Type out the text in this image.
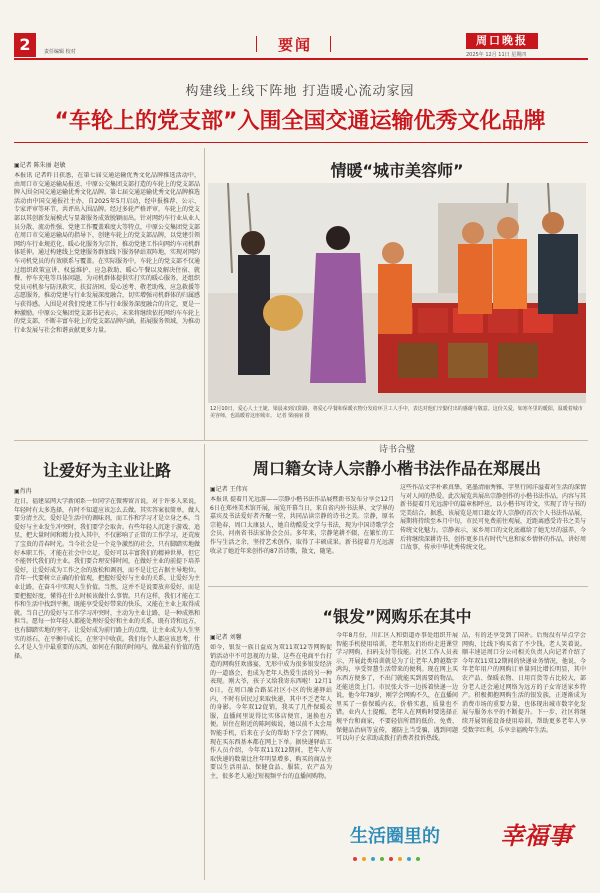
2	责任编辑 校对	要闻	周口晚报
2025年 12月 11日 星期四
构建线上线下阵地 打造暖心流动家园
“车轮上的党支部”入围全国交通运输优秀文化品牌
▣记者 陈朱丽 赵敏
本报讯 记者昨日获悉，在第七届交通运输优秀文化品牌推选活动中，由周口市交通运输局报送、中原公交集团支部打造的车轮上的党支部品牌入围全国交通运输优秀文化品牌。第七届交通运输优秀文化品牌推选活动由中国交通报社主办，自2025年5月启动，经申报推荐、公示、专家评审等环节，共评出入围品牌。经过多轮严格评审，车轮上的党支部以其创新发展模式与显著服务成效脱颖而出。针对网约车行业从业人员分散、流动性强、党建工作覆盖难度大等特点，中原公交集团党支部在周口市交通运输局的指导下，创建车轮上的党支部品牌，以党建引领网约车行业规范化、暖心化服务为宗旨，推动党建工作向网约车司机群体延伸。通过构建线上党建服务群加线下服务驿站双阵地，实现对网约车司机党员的有效联系与覆盖。在实际服务中，车轮上的党支部不仅通过组织政策宣讲、权益维护、应急救助、暖心午餐以及解决住宿、就餐、停车充电等具体问题，为司机群体提供实打实的暖心服务，还组织党员司机参与防汛救灾、扶贫济困、爱心送考、敬老助残、应急救援等志愿服务，推动党建与行业发展深度融合，切实增强司机群体的归属感与获得感。入围是对我们党建工作与行业服务深度融合的肯定，更是一种激励。中原公交集团党支部书记表示，未来将继续依托网约车车轮上的党支部，不断丰富车轮上的党支部品牌内涵，拓展服务领域，为推动行业发展与社会和谐贡献更多力量。
情暖“城市美容师”
12月10日，爱心人士王婕、梁晨来到汉阳路，将爱心早餐和保暖衣物分发给环卫工人手中，表达对他们辛勤付出的感谢与敬意。这份关爱，如寒冬里的暖阳，温暖着城市美容师，也温暖着这座城市。 记者 梁丽丽 摄
让爱好为主业让路
▣肖冉
近日，福建某网大学新闻系一位同学在微博留言说，对于许多人来说，年轻时有太多选择，有时不知道应该怎么去做。其实答案很简单，做人要分清主次，爱好是生活中的调味剂，而工作和学习才是立身之本。当爱好与主业发生冲突时，我们要学会取舍。有些年轻人沉迷于游戏、追星，把大量时间和精力投入其中，不仅影响了正常的工作学习，还荒废了宝贵的青春时光。当今社会是一个竞争激烈的社会，只有脚踏实地做好本职工作，才能在社会中立足。爱好可以丰富我们的精神世界，但它不能替代我们的主业。我们要合理安排时间，在做好主业的前提下培养爱好，让爱好成为工作之余的放松和调剂，而不是让它占据主导地位。青年一代要树立正确的价值观，把握好爱好与主业的关系，让爱好为主业让路，在奋斗中实现人生价值。当然，这并不是说要放弃爱好，而是要把握好度，懂得在什么时候该做什么事情。只有这样，我们才能在工作和生活中找到平衡，既能享受爱好带来的快乐，又能在主业上取得成就。当自己的爱好与工作学习冲突时，主动为主业让路，是一种成熟和担当。愿每一位年轻人都能处理好爱好和主业的关系，既有诗和远方，也有脚踏实地的坚守。让爱好成为前行路上的点缀，让主业成为人生坚实的基石，在平衡中成长，在坚守中收获。我们每个人都应该思考，什么才是人生中最重要的东西，如何在有限的时间内，做出最有价值的选择。
诗书合璧
周口籍女诗人宗静小楷书法作品在郑展出
▣记者 王伟宾
本报讯 提着月光远游——宗静小楷书法作品展暨新书发布分享会12月6日在郑州美术馆开展，展览开幕当日，来自省内外书法界、文学界的嘉宾及书法爱好者齐聚一堂，共同品读宗静的诗书之美。宗静，原名宗艳春，周口太康县人，她自幼酷爱文学与书法，现为中国诗歌学会会员、河南省书法家协会会员。多年来，宗静笔耕不辍，在繁忙的工作与生活之余，坚持艺术创作，取得了丰硕成果。新书提着月光远游收录了她近年来创作的87首诗歌，散文，随笔。
这些作品文字朴素真挚，笔墨清丽秀雅，字里行间洋溢着对生活的深情与对人间的热爱。此次展览共展出宗静创作的小楷书法作品，内容与其新书提着月光远游中的篇章相呼应，以小楷书写诗文，实现了诗与书的完美结合。据悉，该展览是周口籍女诗人宗静的首次个人书法作品展，展期将持续至本月中旬，市民可免费前往观展，近距离感受诗书之美与传统文化魅力。宗静表示，家乡周口的文化底蕴给了她无尽的滋养，今后将继续深耕诗书，创作更多具有时代气息和家乡情怀的作品，讲好周口故事，传承中华优秀传统文化。
“银发”网购乐在其中
▣记者 刘馨
如今，银发一族日益成为双11双12等网购促销活动中不可忽视的力量，这些在电商平台打造的网购狂欢盛宴，无形中成为很多银发经济的一道盛会，也成为老年人热爱生活的另一种表现。刚大爷，孩子又给我寄东西啦！12月10日，在周口融合路某社区小区的快递驿站内，不时有居民过来取快递，其中不乏老年人的身影。今年双12促销，我买了几件保暖衣服，直播间里说得比实体店便宜，退换也方便。居住在附近的陈阿姨说，她以前不太会用智能手机，后来在子女的帮助下学会了网购，现在买东西基本都在网上下单。据快递驿站工作人员介绍，今年双11双12期间，老年人寄取快递的数量比往年明显增多，购买的商品主要以生活用品、保健食品、服装、农产品为主，很多老人通过短视频平台的直播间购物。
今年8月份，川汇区人和街道办事处组织开展智能手机使用培训，老年朋友们纷纷走进课堂学习网购、扫码支付等技能。社区工作人员表示，开展此类培训就是为了让老年人跨越数字鸿沟，享受智慧生活带来的便利。现在网上买东西方便多了，不出门就能买到需要的物品，还能送货上门。市民张大爷一边拆着快递一边说，他今年78岁，刚学会网购不久，在直播间里买了一套保暖内衣，价格实惠，质量也不错。业内人士提醒，老年人在网购时要选择正规平台和商家，不要轻信所谓的低价、免费、保健品治病等宣传，谨防上当受骗，遇到问题可以向子女求助或拨打消费者投诉热线。
品，有的还享受到了国补。后悔没有早点学会网购，比线下购买省了不少钱。老人笑着说。顺丰速运周口分公司相关负责人向记者介绍了今年双11双12期间的快递业务情况，他说，今年老年用户的网购订单量同比增长明显，其中农产品、保暖衣物、日用百货等占比较大，部分老人还会通过网络为远方的子女寄送家乡特产。积极拥抱网购生活的银发族，正逐渐成为消费市场的重要力量，也体现出城市数字化发展与服务水平的不断提升。下一步，社区将继续开展智能设备使用培训，帮助更多老年人享受数字红利，乐享幸福晚年生活。
生活圈里的	幸福事
